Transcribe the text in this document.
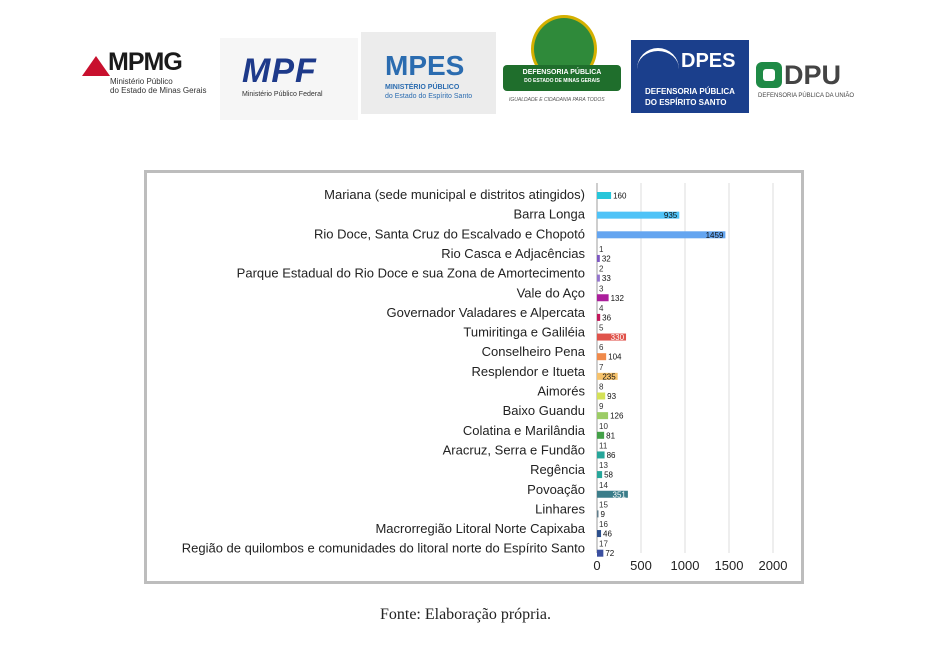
MPMG
Ministério Público
do Estado de Minas Gerais
MPF
Ministério Público Federal
MPES
MINISTÉRIO PÚBLICO
do Estado do Espírito Santo
DEFENSORIA PÚBLICA
DO ESTADO DE MINAS GERAIS
IGUALDADE E CIDADANIA PARA TODOS
DPES
DEFENSORIA PÚBLICA
DO ESPÍRITO SANTO
DPU
DEFENSORIA PÚBLICA DA UNIÃO
0 500 1000 1500 2000
Mariana (sede municipal e distritos atingidos)	160
Barra Longa	935
Rio Doce, Santa Cruz do Escalvado e Chopotó	1459
Rio Casca e Adjacências 1
32
Parque Estadual do Rio Doce e sua Zona de Amortecimento 2
33
Vale do Aço 3
132
Governador Valadares e Alpercata 4
36
Tumiritinga e Galiléia 5
330
Conselheiro Pena 6
104
Resplendor e Itueta 7
235
Aimorés 8
93
Baixo Guandu 9
126
Colatina e Marilândia 10
81
Aracruz, Serra e Fundão 11
86
Regência 13
58
Povoação 14
351
Linhares 15
9
Macrorregião Litoral Norte Capixaba 16
46
Região de quilombos e comunidades do litoral norte do Espírito Santo 17
72
Fonte: Elaboração própria.
